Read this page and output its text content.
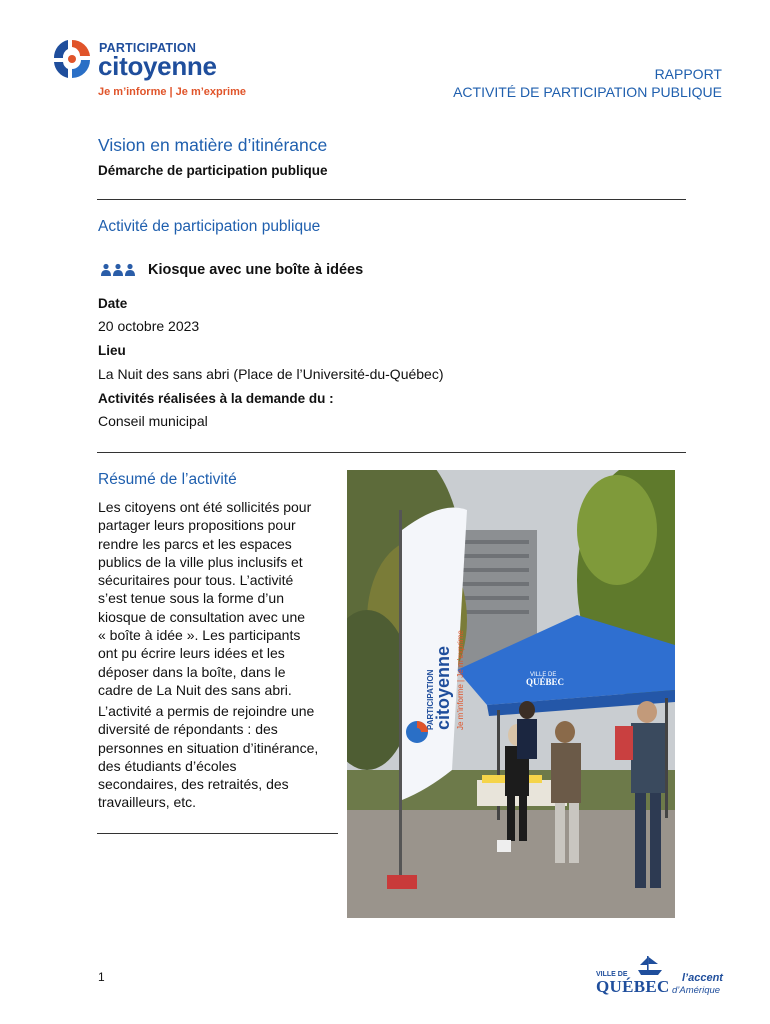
PARTICIPATION
citoyenne
Je m’informe | Je m’exprime
RAPPORT
ACTIVITÉ DE PARTICIPATION PUBLIQUE
Vision en matière d’itinérance
Démarche de participation publique
Activité de participation publique
Kiosque avec une boîte à idées
Date
20 octobre 2023
Lieu
La Nuit des sans abri (Place de l’Université-du-Québec)
Activités réalisées à la demande du :
Conseil municipal
Résumé de l’activité
Les citoyens ont été sollicités pour
partager leurs propositions pour
rendre les parcs et les espaces
publics de la ville plus inclusifs et
sécuritaires pour tous. L’activité
s’est tenue sous la forme d’un
kiosque de consultation avec une
« boîte à idée ». Les participants
ont pu écrire leurs idées et les
déposer dans la boîte, dans le
cadre de La Nuit des sans abri.
L’activité a permis de rejoindre une
diversité de répondants : des
personnes en situation d’itinérance,
des étudiants d’écoles
secondaires, des retraités, des
travailleurs, etc.
VILLE DE
QUÉBEC
PARTICIPATION
citoyenne Je m’informe | Je m’exprime
1	VILLE DE
QUÉBEC l’accent
d’Amérique
